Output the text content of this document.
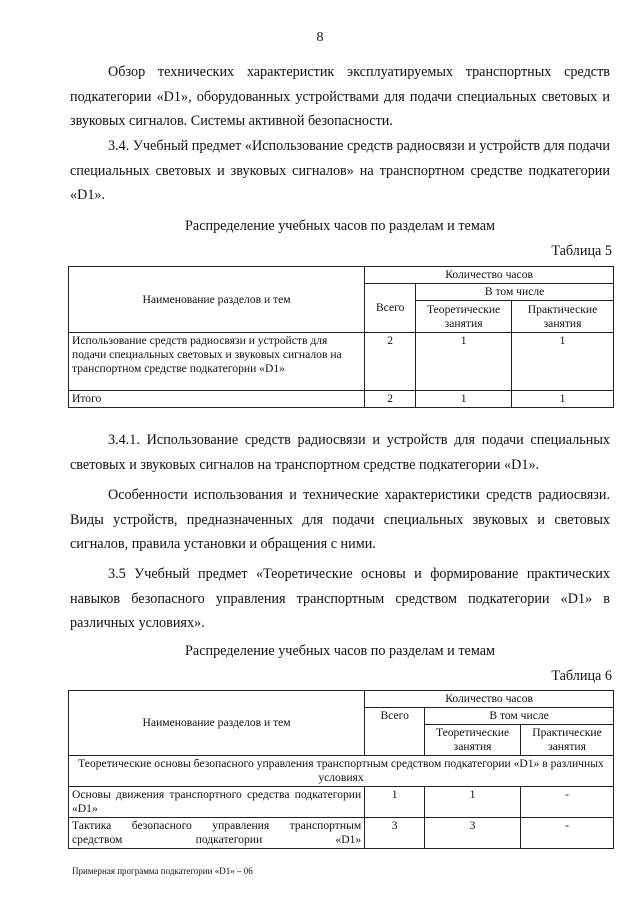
8
Обзор технических характеристик эксплуатируемых транспортных средств подкатегории «D1», оборудованных устройствами для подачи специальных световых и звуковых сигналов. Системы активной безопасности.
3.4. Учебный предмет «Использование средств радиосвязи и устройств для подачи специальных световых и звуковых сигналов» на транспортном средстве подкатегории «D1».
Распределение учебных часов по разделам и темам
Таблица 5
Наименование разделов и тем	Количество часов		
	Всего	В том числе	
		Теоретические занятия	Практические занятия
Использование средств радиосвязи и устройств для подачи специальных световых и звуковых сигналов на транспортном средстве подкатегории «D1»	2	1	1
Итого	2	1	1
3.4.1. Использование средств радиосвязи и устройств для подачи специальных световых и звуковых сигналов на транспортном средстве подкатегории «D1».
Особенности использования и технические характеристики средств радиосвязи. Виды устройств, предназначенных для подачи специальных звуковых и световых сигналов, правила установки и обращения с ними.
3.5 Учебный предмет «Теоретические основы и формирование практических навыков безопасного управления транспортным средством подкатегории «D1» в различных условиях».
Распределение учебных часов по разделам и темам
Таблица 6
Наименование разделов и тем	Количество часов		
	Всего	В том числе	
		Теоретические занятия	Практические занятия
Теоретические основы безопасного управления транспортным средством подкатегории «D1» в различных условиях			
Основы движения транспортного средства подкатегории «D1»	1	1	-
Тактика безопасного управления транспортным средством подкатегории «D1»	3	3	-
Примерная программа подкатегории «D1» – 06
